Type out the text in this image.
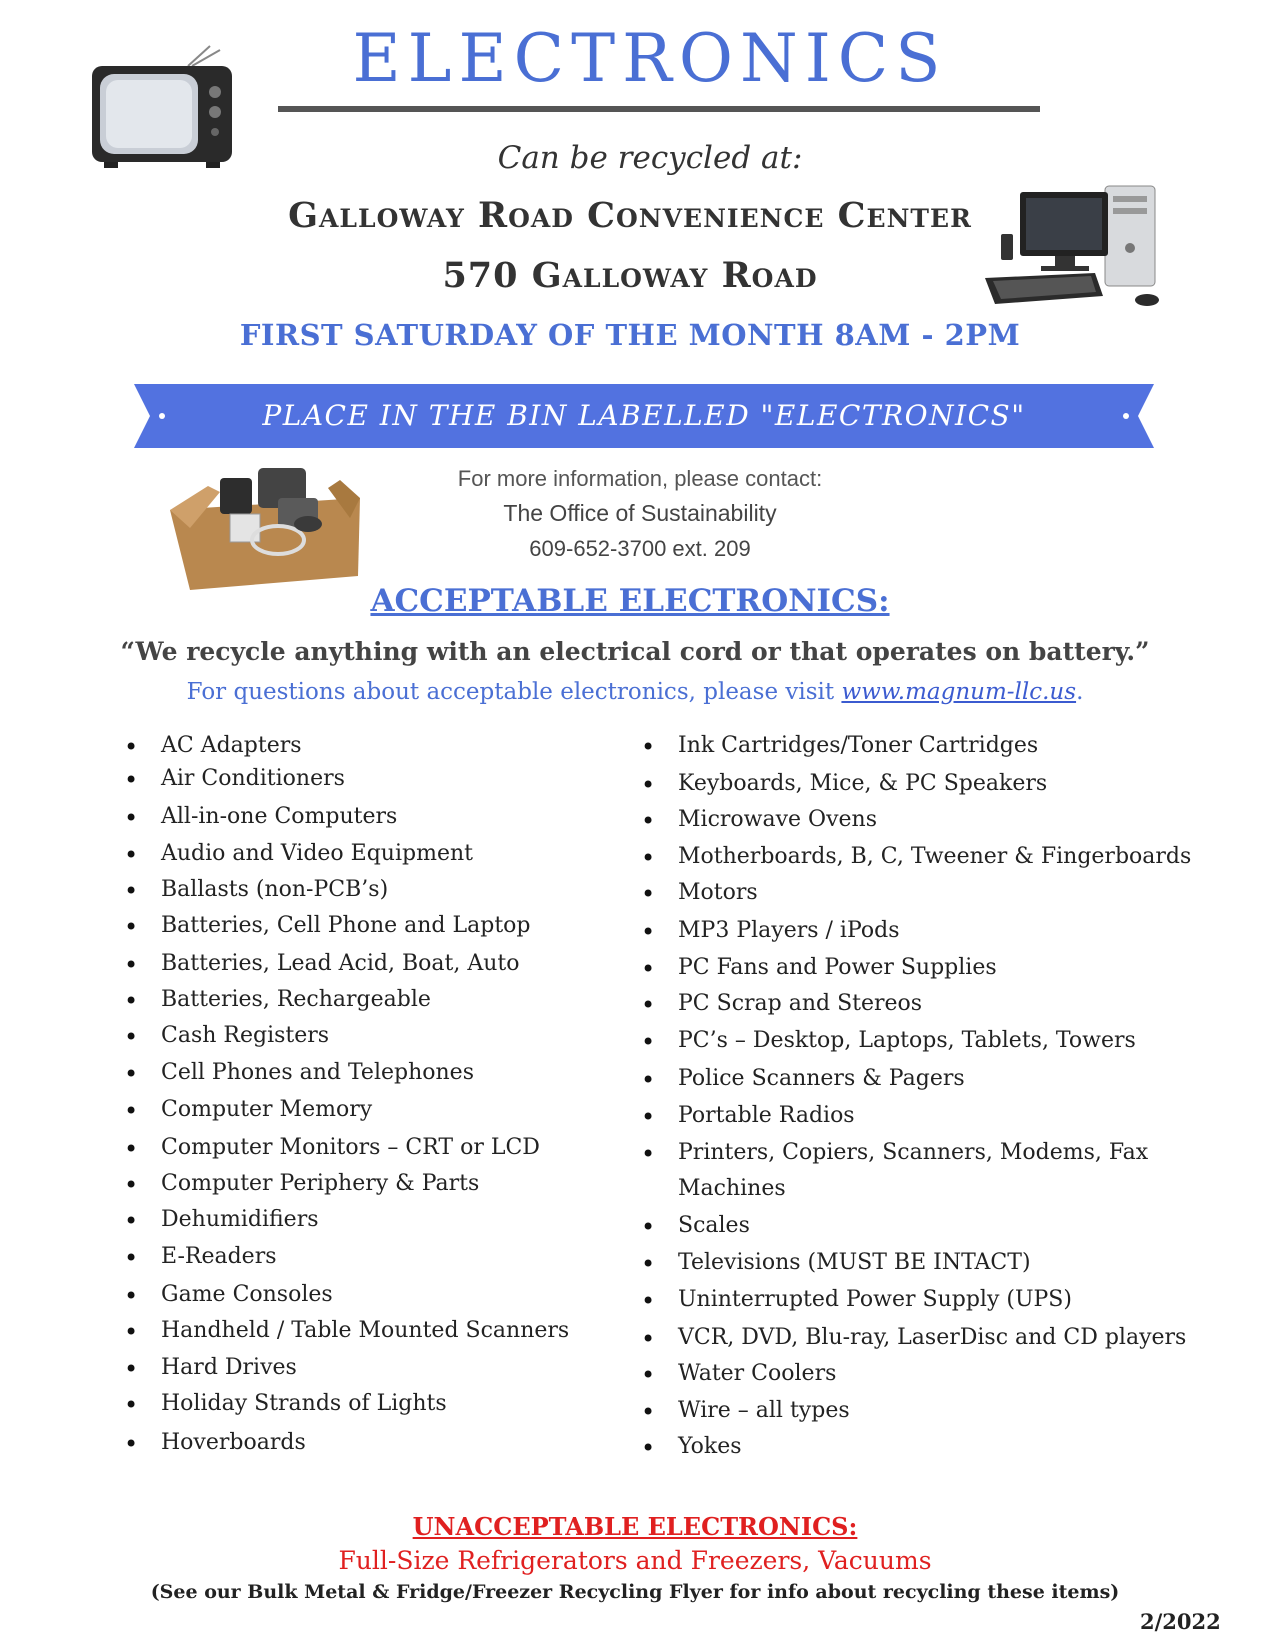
ELECTRONICS
Can be recycled at:
Galloway Road Convenience Center
570 Galloway Road
FIRST SATURDAY OF THE MONTH 8AM - 2PM
PLACE IN THE BIN LABELLED "ELECTRONICS"
For more information, please contact:
The Office of Sustainability
609-652-3700 ext. 209
ACCEPTABLE ELECTRONICS:
“We recycle anything with an electrical cord or that operates on battery.”
For questions about acceptable electronics, please visit www.magnum-llc.us.
• AC Adapters
• Air Conditioners
• All-in-one Computers
• Audio and Video Equipment
• Ballasts (non-PCB’s)
• Batteries, Cell Phone and Laptop
• Batteries, Lead Acid, Boat, Auto
• Batteries, Rechargeable
• Cash Registers
• Cell Phones and Telephones
• Computer Memory
• Computer Monitors – CRT or LCD
• Computer Periphery & Parts
• Dehumidifiers
• E-Readers
• Game Consoles
• Handheld / Table Mounted Scanners
• Hard Drives
• Holiday Strands of Lights
• Hoverboards
• Ink Cartridges/Toner Cartridges
• Keyboards, Mice, & PC Speakers
• Microwave Ovens
• Motherboards, B, C, Tweener & Fingerboards
• Motors
• MP3 Players / iPods
• PC Fans and Power Supplies
• PC Scrap and Stereos
• PC’s – Desktop, Laptops, Tablets, Towers
• Police Scanners & Pagers
• Portable Radios
• Printers, Copiers, Scanners, Modems, Fax
Machines
• Scales
• Televisions (MUST BE INTACT)
• Uninterrupted Power Supply (UPS)
• VCR, DVD, Blu-ray, LaserDisc and CD players
• Water Coolers
• Wire – all types
• Yokes
UNACCEPTABLE ELECTRONICS:
Full-Size Refrigerators and Freezers, Vacuums
(See our Bulk Metal & Fridge/Freezer Recycling Flyer for info about recycling these items)
2/2022
